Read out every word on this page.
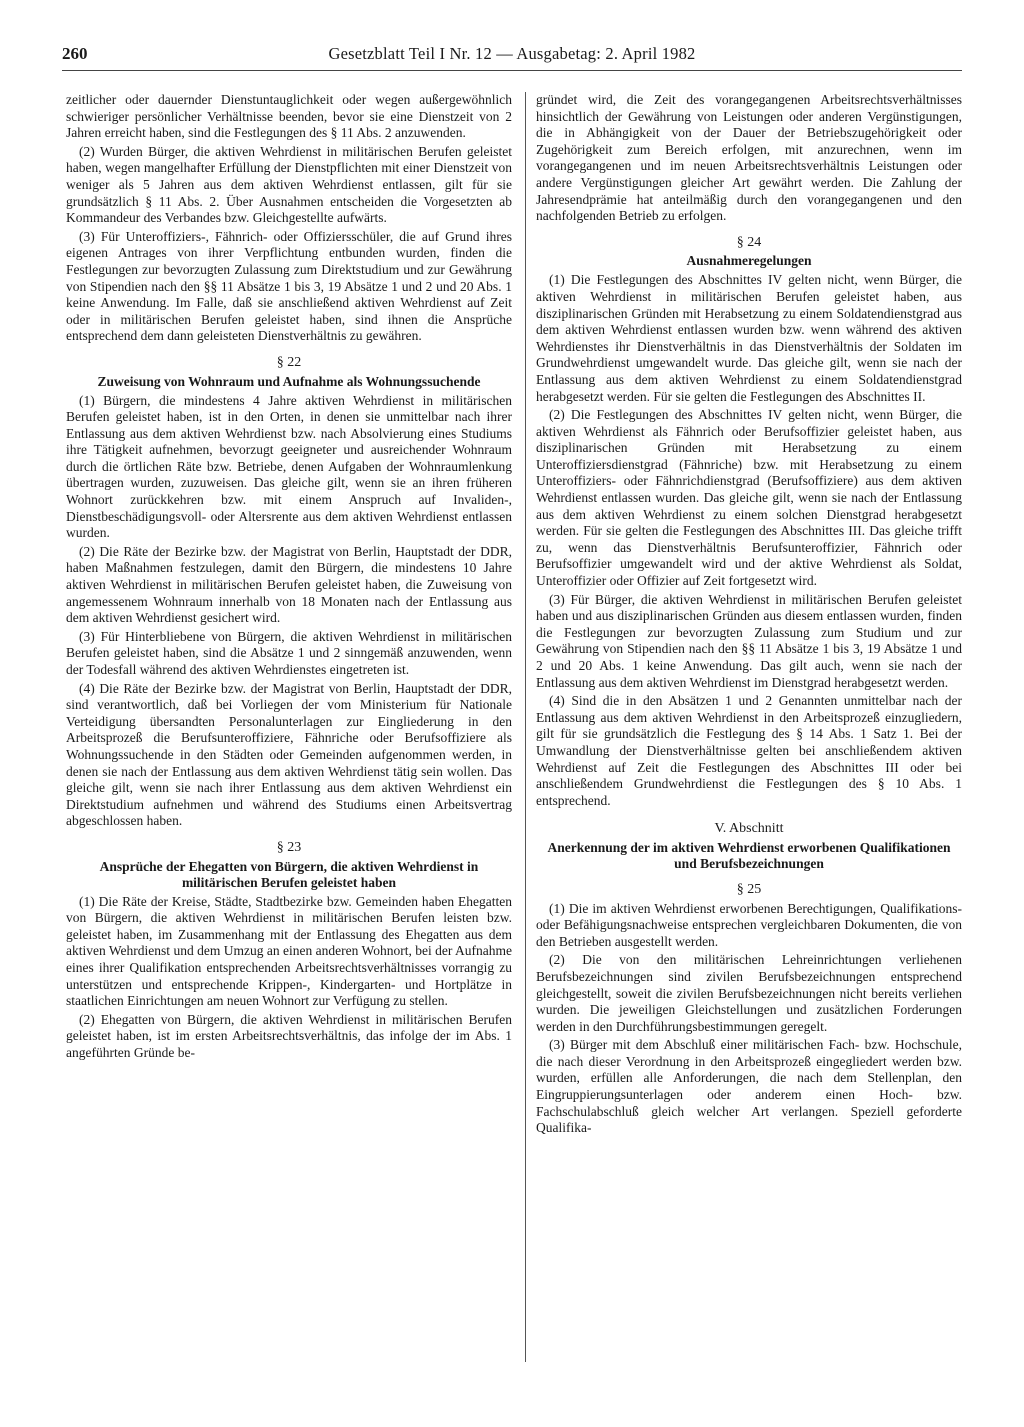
260	Gesetzblatt Teil I Nr. 12 — Ausgabetag: 2. April 1982

zeitlicher oder dauernder Dienstuntauglichkeit oder wegen außergewöhnlich schwieriger persönlicher Verhältnisse beenden, bevor sie eine Dienstzeit von 2 Jahren erreicht haben, sind die Festlegungen des § 11 Abs. 2 anzuwenden.

(2) Wurden Bürger, die aktiven Wehrdienst in militärischen Berufen geleistet haben, wegen mangelhafter Erfüllung der Dienstpflichten mit einer Dienstzeit von weniger als 5 Jahren aus dem aktiven Wehrdienst entlassen, gilt für sie grundsätzlich § 11 Abs. 2. Über Ausnahmen entscheiden die Vorgesetzten ab Kommandeur des Verbandes bzw. Gleichgestellte aufwärts.

(3) Für Unteroffiziers-, Fähnrich- oder Offiziersschüler, die auf Grund ihres eigenen Antrages von ihrer Verpflichtung entbunden wurden, finden die Festlegungen zur bevorzugten Zulassung zum Direktstudium und zur Gewährung von Stipendien nach den §§ 11 Absätze 1 bis 3, 19 Absätze 1 und 2 und 20 Abs. 1 keine Anwendung. Im Falle, daß sie anschließend aktiven Wehrdienst auf Zeit oder in militärischen Berufen geleistet haben, sind ihnen die Ansprüche entsprechend dem dann geleisteten Dienstverhältnis zu gewähren.

§ 22
Zuweisung von Wohnraum und Aufnahme als Wohnungssuchende

(1) Bürgern, die mindestens 4 Jahre aktiven Wehrdienst in militärischen Berufen geleistet haben, ist in den Orten, in denen sie unmittelbar nach ihrer Entlassung aus dem aktiven Wehrdienst bzw. nach Absolvierung eines Studiums ihre Tätigkeit aufnehmen, bevorzugt geeigneter und ausreichender Wohnraum durch die örtlichen Räte bzw. Betriebe, denen Aufgaben der Wohnraumlenkung übertragen wurden, zuzuweisen. Das gleiche gilt, wenn sie an ihren früheren Wohnort zurückkehren bzw. mit einem Anspruch auf Invaliden-, Dienstbeschädigungsvoll- oder Altersrente aus dem aktiven Wehrdienst entlassen wurden.

(2) Die Räte der Bezirke bzw. der Magistrat von Berlin, Hauptstadt der DDR, haben Maßnahmen festzulegen, damit den Bürgern, die mindestens 10 Jahre aktiven Wehrdienst in militärischen Berufen geleistet haben, die Zuweisung von angemessenem Wohnraum innerhalb von 18 Monaten nach der Entlassung aus dem aktiven Wehrdienst gesichert wird.

(3) Für Hinterbliebene von Bürgern, die aktiven Wehrdienst in militärischen Berufen geleistet haben, sind die Absätze 1 und 2 sinngemäß anzuwenden, wenn der Todesfall während des aktiven Wehrdienstes eingetreten ist.

(4) Die Räte der Bezirke bzw. der Magistrat von Berlin, Hauptstadt der DDR, sind verantwortlich, daß bei Vorliegen der vom Ministerium für Nationale Verteidigung übersandten Personalunterlagen zur Eingliederung in den Arbeitsprozeß die Berufsunteroffiziere, Fähnriche oder Berufsoffiziere als Wohnungssuchende in den Städten oder Gemeinden aufgenommen werden, in denen sie nach der Entlassung aus dem aktiven Wehrdienst tätig sein wollen. Das gleiche gilt, wenn sie nach ihrer Entlassung aus dem aktiven Wehrdienst ein Direktstudium aufnehmen und während des Studiums einen Arbeitsvertrag abgeschlossen haben.

§ 23
Ansprüche der Ehegatten von Bürgern, die aktiven Wehrdienst in militärischen Berufen geleistet haben

(1) Die Räte der Kreise, Städte, Stadtbezirke bzw. Gemeinden haben Ehegatten von Bürgern, die aktiven Wehrdienst in militärischen Berufen leisten bzw. geleistet haben, im Zusammenhang mit der Entlassung des Ehegatten aus dem aktiven Wehrdienst und dem Umzug an einen anderen Wohnort, bei der Aufnahme eines ihrer Qualifikation entsprechenden Arbeitsrechtsverhältnisses vorrangig zu unterstützen und entsprechende Krippen-, Kindergarten- und Hortplätze in staatlichen Einrichtungen am neuen Wohnort zur Verfügung zu stellen.

(2) Ehegatten von Bürgern, die aktiven Wehrdienst in militärischen Berufen geleistet haben, ist im ersten Arbeitsrechtsverhältnis, das infolge der im Abs. 1 angeführten Gründe be-

gründet wird, die Zeit des vorangegangenen Arbeitsrechtsverhältnisses hinsichtlich der Gewährung von Leistungen oder anderen Vergünstigungen, die in Abhängigkeit von der Dauer der Betriebszugehörigkeit oder Zugehörigkeit zum Bereich erfolgen, mit anzurechnen, wenn im vorangegangenen und im neuen Arbeitsrechtsverhältnis Leistungen oder andere Vergünstigungen gleicher Art gewährt werden. Die Zahlung der Jahresendprämie hat anteilmäßig durch den vorangegangenen und den nachfolgenden Betrieb zu erfolgen.

§ 24
Ausnahmeregelungen

(1) Die Festlegungen des Abschnittes IV gelten nicht, wenn Bürger, die aktiven Wehrdienst in militärischen Berufen geleistet haben, aus disziplinarischen Gründen mit Herabsetzung zu einem Soldatendienstgrad aus dem aktiven Wehrdienst entlassen wurden bzw. wenn während des aktiven Wehrdienstes ihr Dienstverhältnis in das Dienstverhältnis der Soldaten im Grundwehrdienst umgewandelt wurde. Das gleiche gilt, wenn sie nach der Entlassung aus dem aktiven Wehrdienst zu einem Soldatendienstgrad herabgesetzt werden. Für sie gelten die Festlegungen des Abschnittes II.

(2) Die Festlegungen des Abschnittes IV gelten nicht, wenn Bürger, die aktiven Wehrdienst als Fähnrich oder Berufsoffizier geleistet haben, aus disziplinarischen Gründen mit Herabsetzung zu einem Unteroffiziersdienstgrad (Fähnriche) bzw. mit Herabsetzung zu einem Unteroffiziers- oder Fähnrichdienstgrad (Berufsoffiziere) aus dem aktiven Wehrdienst entlassen wurden. Das gleiche gilt, wenn sie nach der Entlassung aus dem aktiven Wehrdienst zu einem solchen Dienstgrad herabgesetzt werden. Für sie gelten die Festlegungen des Abschnittes III. Das gleiche trifft zu, wenn das Dienstverhältnis Berufsunteroffizier, Fähnrich oder Berufsoffizier umgewandelt wird und der aktive Wehrdienst als Soldat, Unteroffizier oder Offizier auf Zeit fortgesetzt wird.

(3) Für Bürger, die aktiven Wehrdienst in militärischen Berufen geleistet haben und aus disziplinarischen Gründen aus diesem entlassen wurden, finden die Festlegungen zur bevorzugten Zulassung zum Studium und zur Gewährung von Stipendien nach den §§ 11 Absätze 1 bis 3, 19 Absätze 1 und 2 und 20 Abs. 1 keine Anwendung. Das gilt auch, wenn sie nach der Entlassung aus dem aktiven Wehrdienst im Dienstgrad herabgesetzt werden.

(4) Sind die in den Absätzen 1 und 2 Genannten unmittelbar nach der Entlassung aus dem aktiven Wehrdienst in den Arbeitsprozeß einzugliedern, gilt für sie grundsätzlich die Festlegung des § 14 Abs. 1 Satz 1. Bei der Umwandlung der Dienstverhältnisse gelten bei anschließendem aktiven Wehrdienst auf Zeit die Festlegungen des Abschnittes III oder bei anschließendem Grundwehrdienst die Festlegungen des § 10 Abs. 1 entsprechend.

V. Abschnitt
Anerkennung der im aktiven Wehrdienst erworbenen Qualifikationen und Berufsbezeichnungen
§ 25

(1) Die im aktiven Wehrdienst erworbenen Berechtigungen, Qualifikations- oder Befähigungsnachweise entsprechen vergleichbaren Dokumenten, die von den Betrieben ausgestellt werden.

(2) Die von den militärischen Lehreinrichtungen verliehenen Berufsbezeichnungen sind zivilen Berufsbezeichnungen entsprechend gleichgestellt, soweit die zivilen Berufsbezeichnungen nicht bereits verliehen wurden. Die jeweiligen Gleichstellungen und zusätzlichen Forderungen werden in den Durchführungsbestimmungen geregelt.

(3) Bürger mit dem Abschluß einer militärischen Fach- bzw. Hochschule, die nach dieser Verordnung in den Arbeitsprozeß eingegliedert werden bzw. wurden, erfüllen alle Anforderungen, die nach dem Stellenplan, den Eingruppierungsunterlagen oder anderem einen Hoch- bzw. Fachschulabschluß gleich welcher Art verlangen. Speziell geforderte Qualifika-
